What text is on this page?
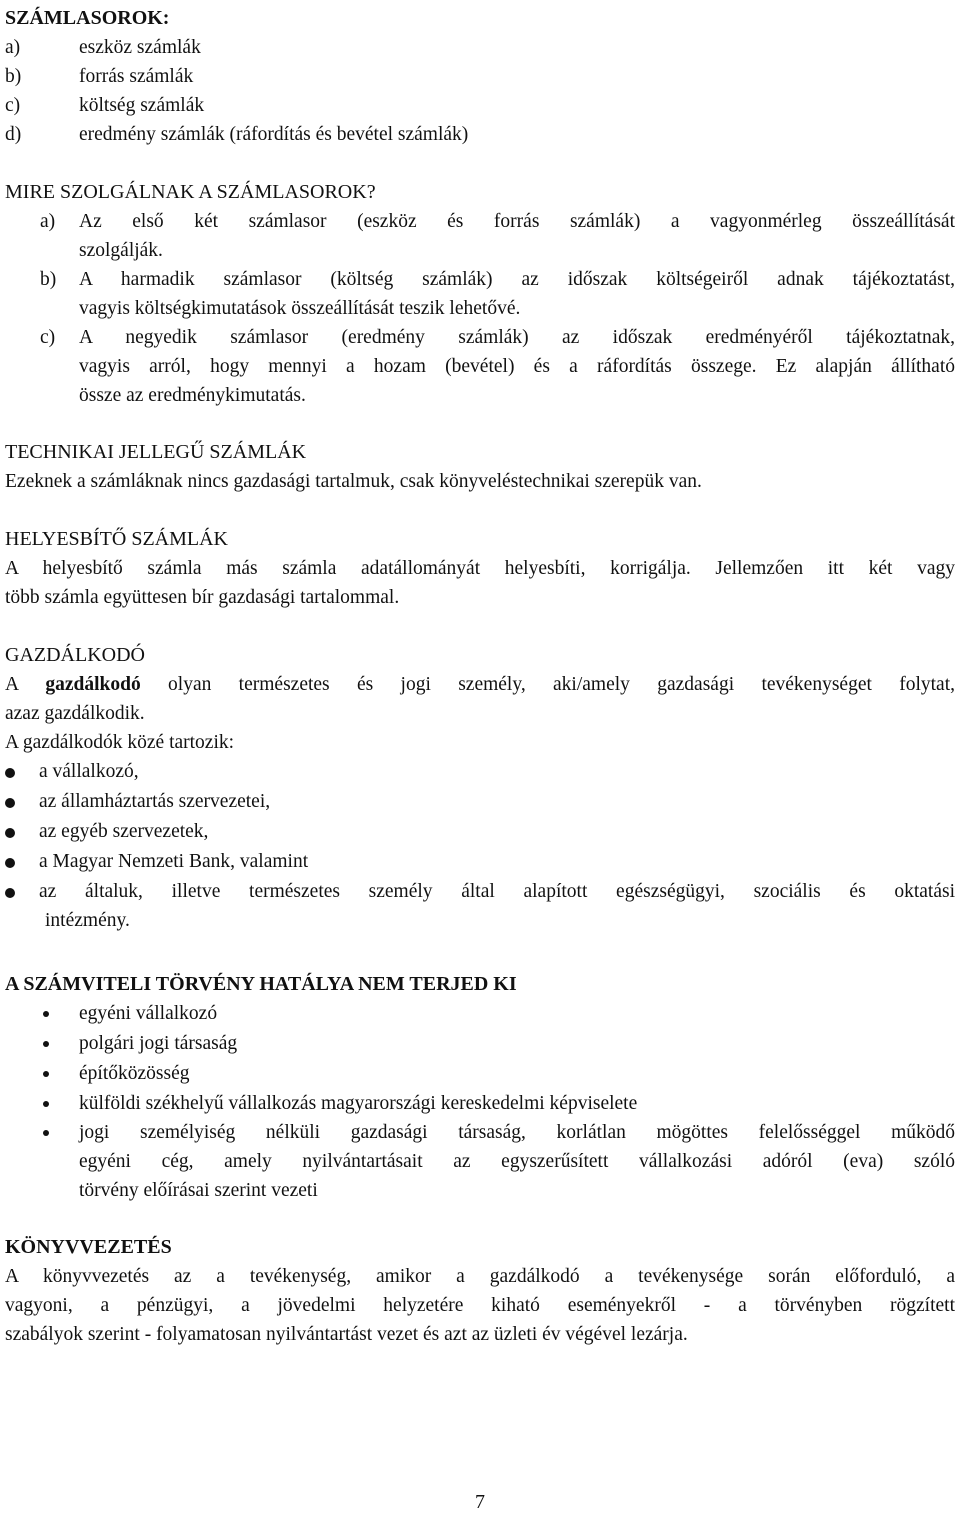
SZÁMLASOROK:
a)	eszköz számlák
b)	forrás számlák
c)	költség számlák
d)	eredmény számlák (ráfordítás és bevétel számlák)
MIRE SZOLGÁLNAK A SZÁMLASOROK?
a)	Az első két számlasor (eszköz és forrás számlák) a vagyonmérleg összeállítását
szolgálják.
b)	A harmadik számlasor (költség számlák) az időszak költségeiről adnak tájékoztatást,
vagyis költségkimutatások összeállítását teszik lehetővé.
c)	A negyedik számlasor (eredmény számlák) az időszak eredményéről tájékoztatnak,
vagyis arról, hogy mennyi a hozam (bevétel) és a ráfordítás összege. Ez alapján állítható
össze az eredménykimutatás.
TECHNIKAI JELLEGŰ SZÁMLÁK
Ezeknek a számláknak nincs gazdasági tartalmuk, csak könyveléstechnikai szerepük van.
HELYESBÍTŐ SZÁMLÁK
A helyesbítő számla más számla adatállományát helyesbíti, korrigálja. Jellemzően itt két vagy
több számla együttesen bír gazdasági tartalommal.
GAZDÁLKODÓ
A gazdálkodó olyan természetes és jogi személy, aki/amely gazdasági tevékenységet folytat,
azaz gazdálkodik.
A gazdálkodók közé tartozik:
a vállalkozó,
az államháztartás szervezetei,
az egyéb szervezetek,
a Magyar Nemzeti Bank, valamint
az általuk, illetve természetes személy által alapított egészségügyi, szociális és oktatási
intézmény.
A SZÁMVITELI TÖRVÉNY HATÁLYA NEM TERJED KI
egyéni vállalkozó
polgári jogi társaság
építőközösség
külföldi székhelyű vállalkozás magyarországi kereskedelmi képviselete
jogi személyiség nélküli gazdasági társaság, korlátlan mögöttes felelősséggel működő
egyéni cég, amely nyilvántartásait az egyszerűsített vállalkozási adóról (eva) szóló
törvény előírásai szerint vezeti
KÖNYVVEZETÉS
A könyvvezetés az a tevékenység, amikor a gazdálkodó a tevékenysége során előforduló, a
vagyoni, a pénzügyi, a jövedelmi helyzetére kiható eseményekről - a törvényben rögzített
szabályok szerint - folyamatosan nyilvántartást vezet és azt az üzleti év végével lezárja.
7
